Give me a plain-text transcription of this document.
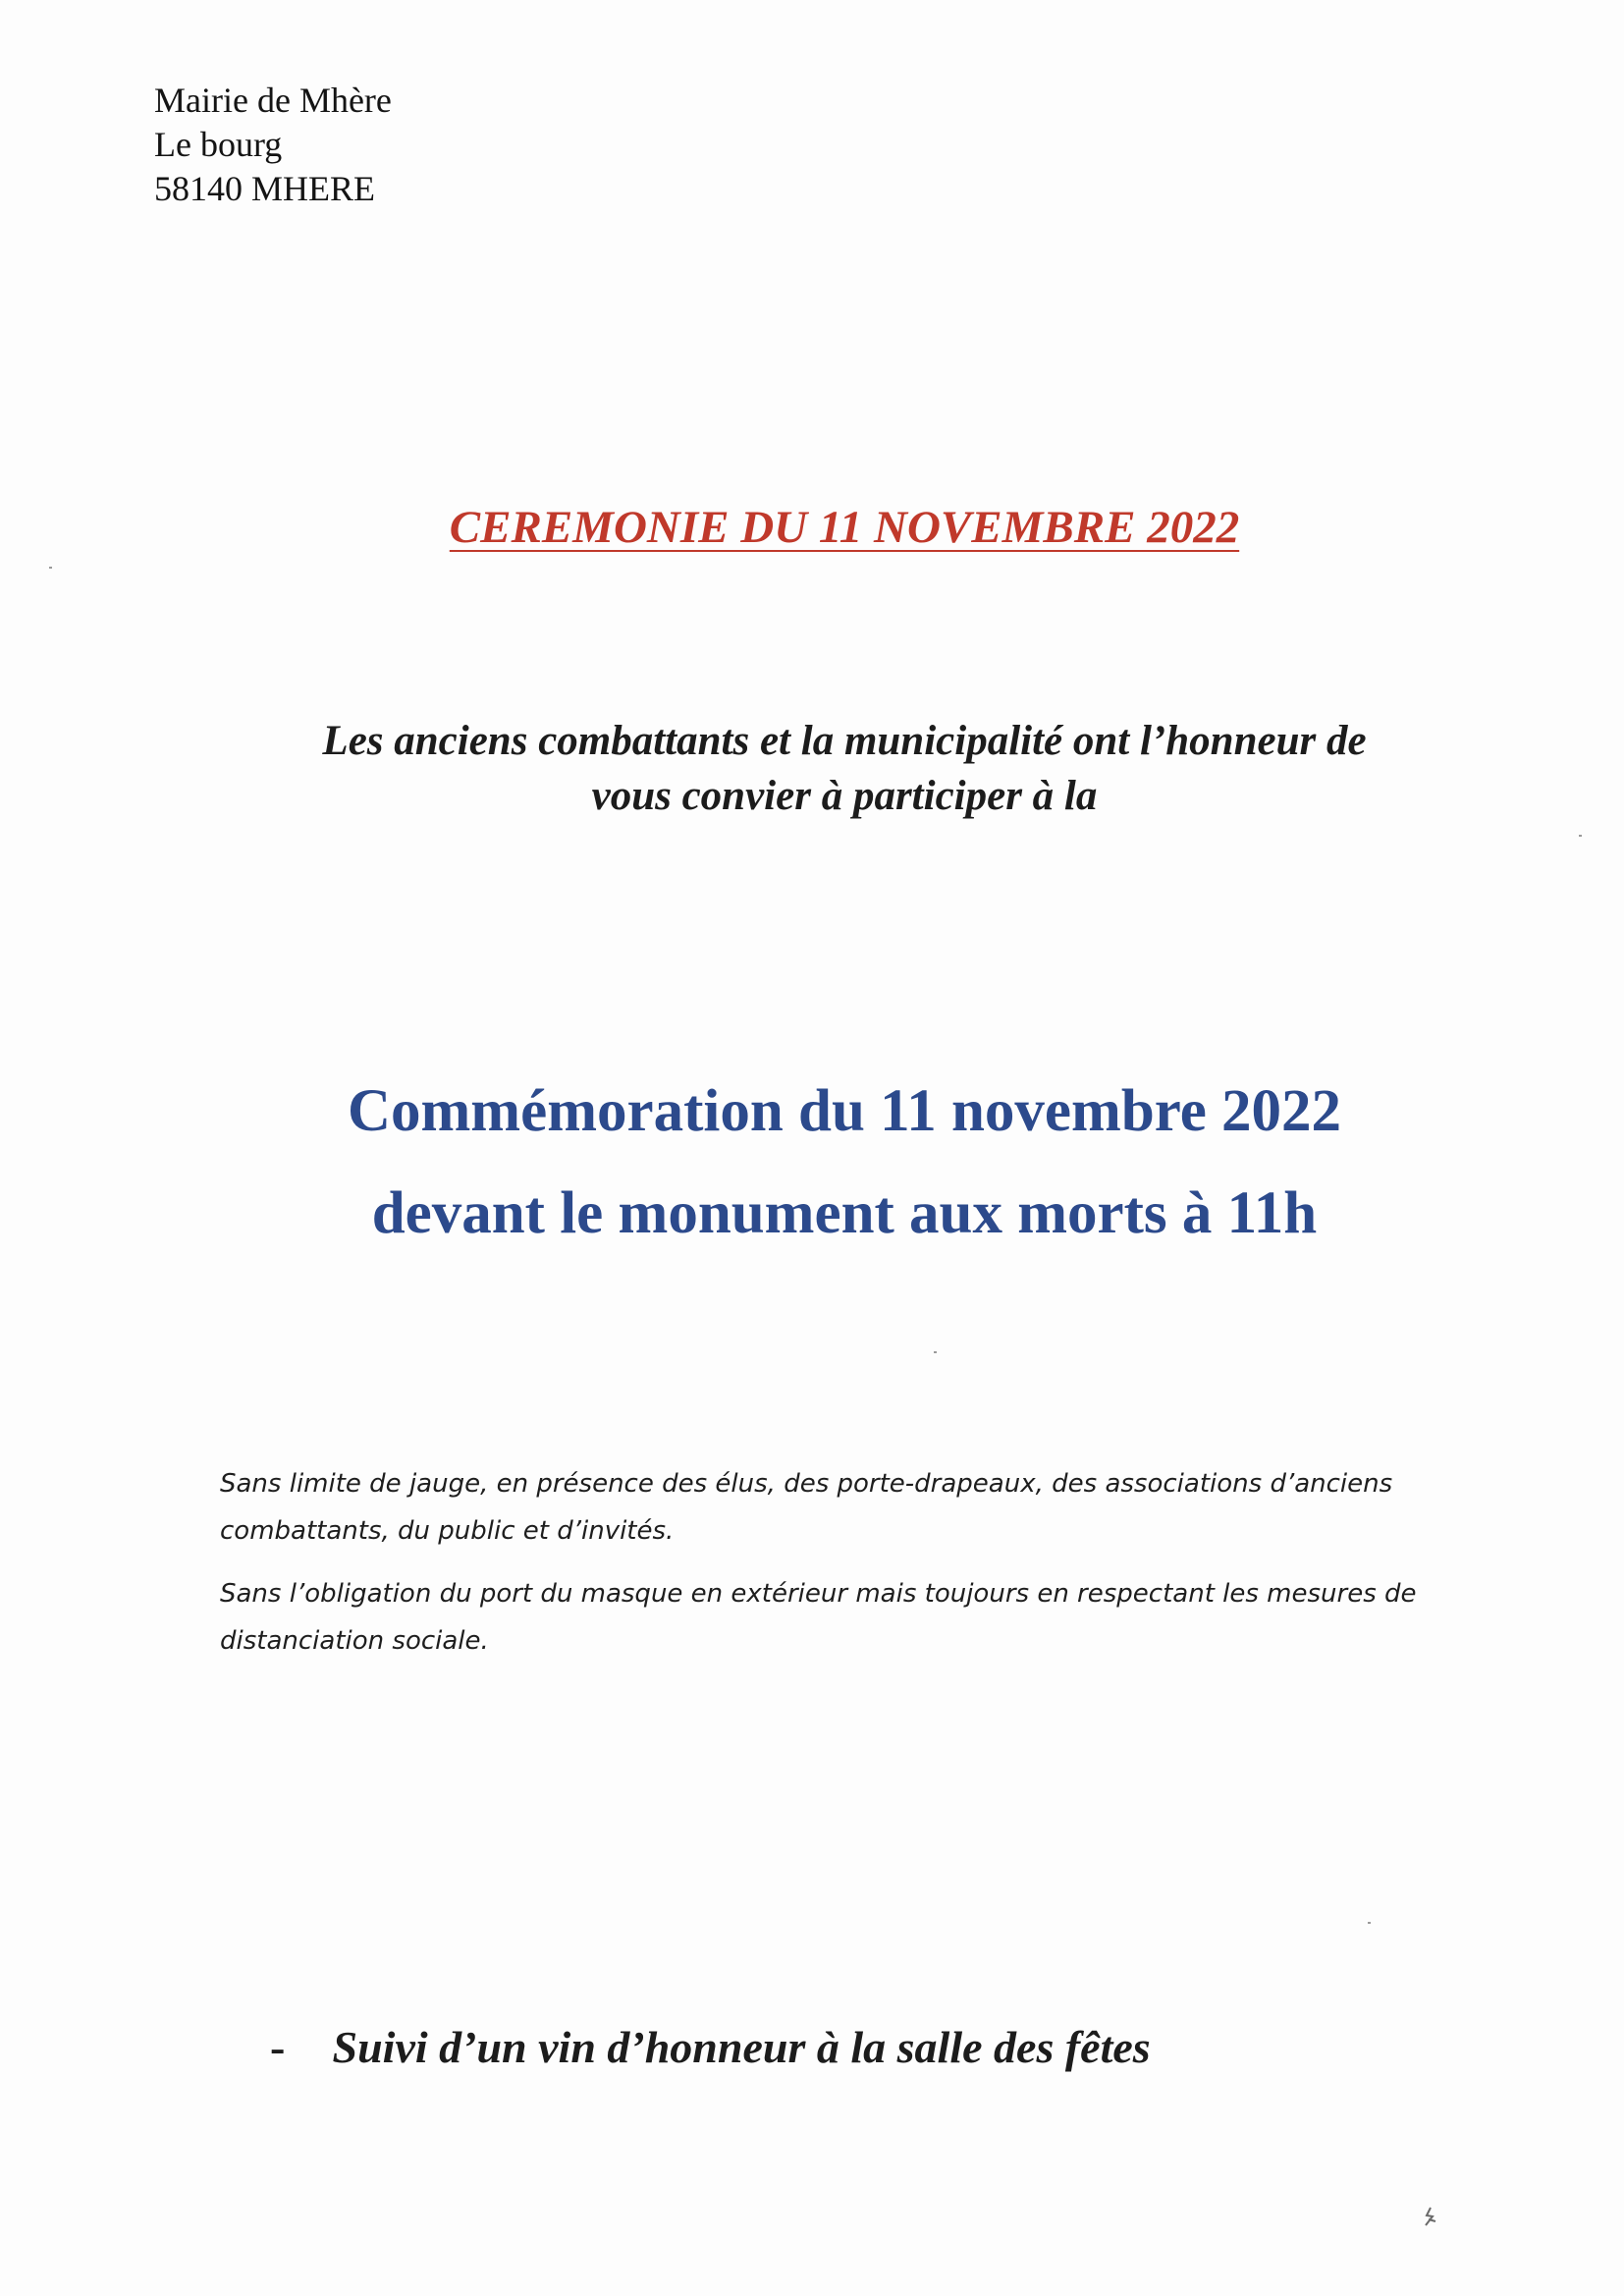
Mairie de Mhère
Le bourg
58140 MHERE
CEREMONIE DU 11 NOVEMBRE 2022
Les anciens combattants et la municipalité ont l’honneur de
vous convier à participer à la
Commémoration du 11 novembre 2022
devant le monument aux morts à 11h

Sans limite de jauge, en présence des élus, des porte-drapeaux, des associations d’anciens combattants, du public et d’invités.

Sans l’obligation du port du masque en extérieur mais toujours en respectant les mesures de distanciation sociale.

- Suivi d’un vin d’honneur à la salle des fêtes
